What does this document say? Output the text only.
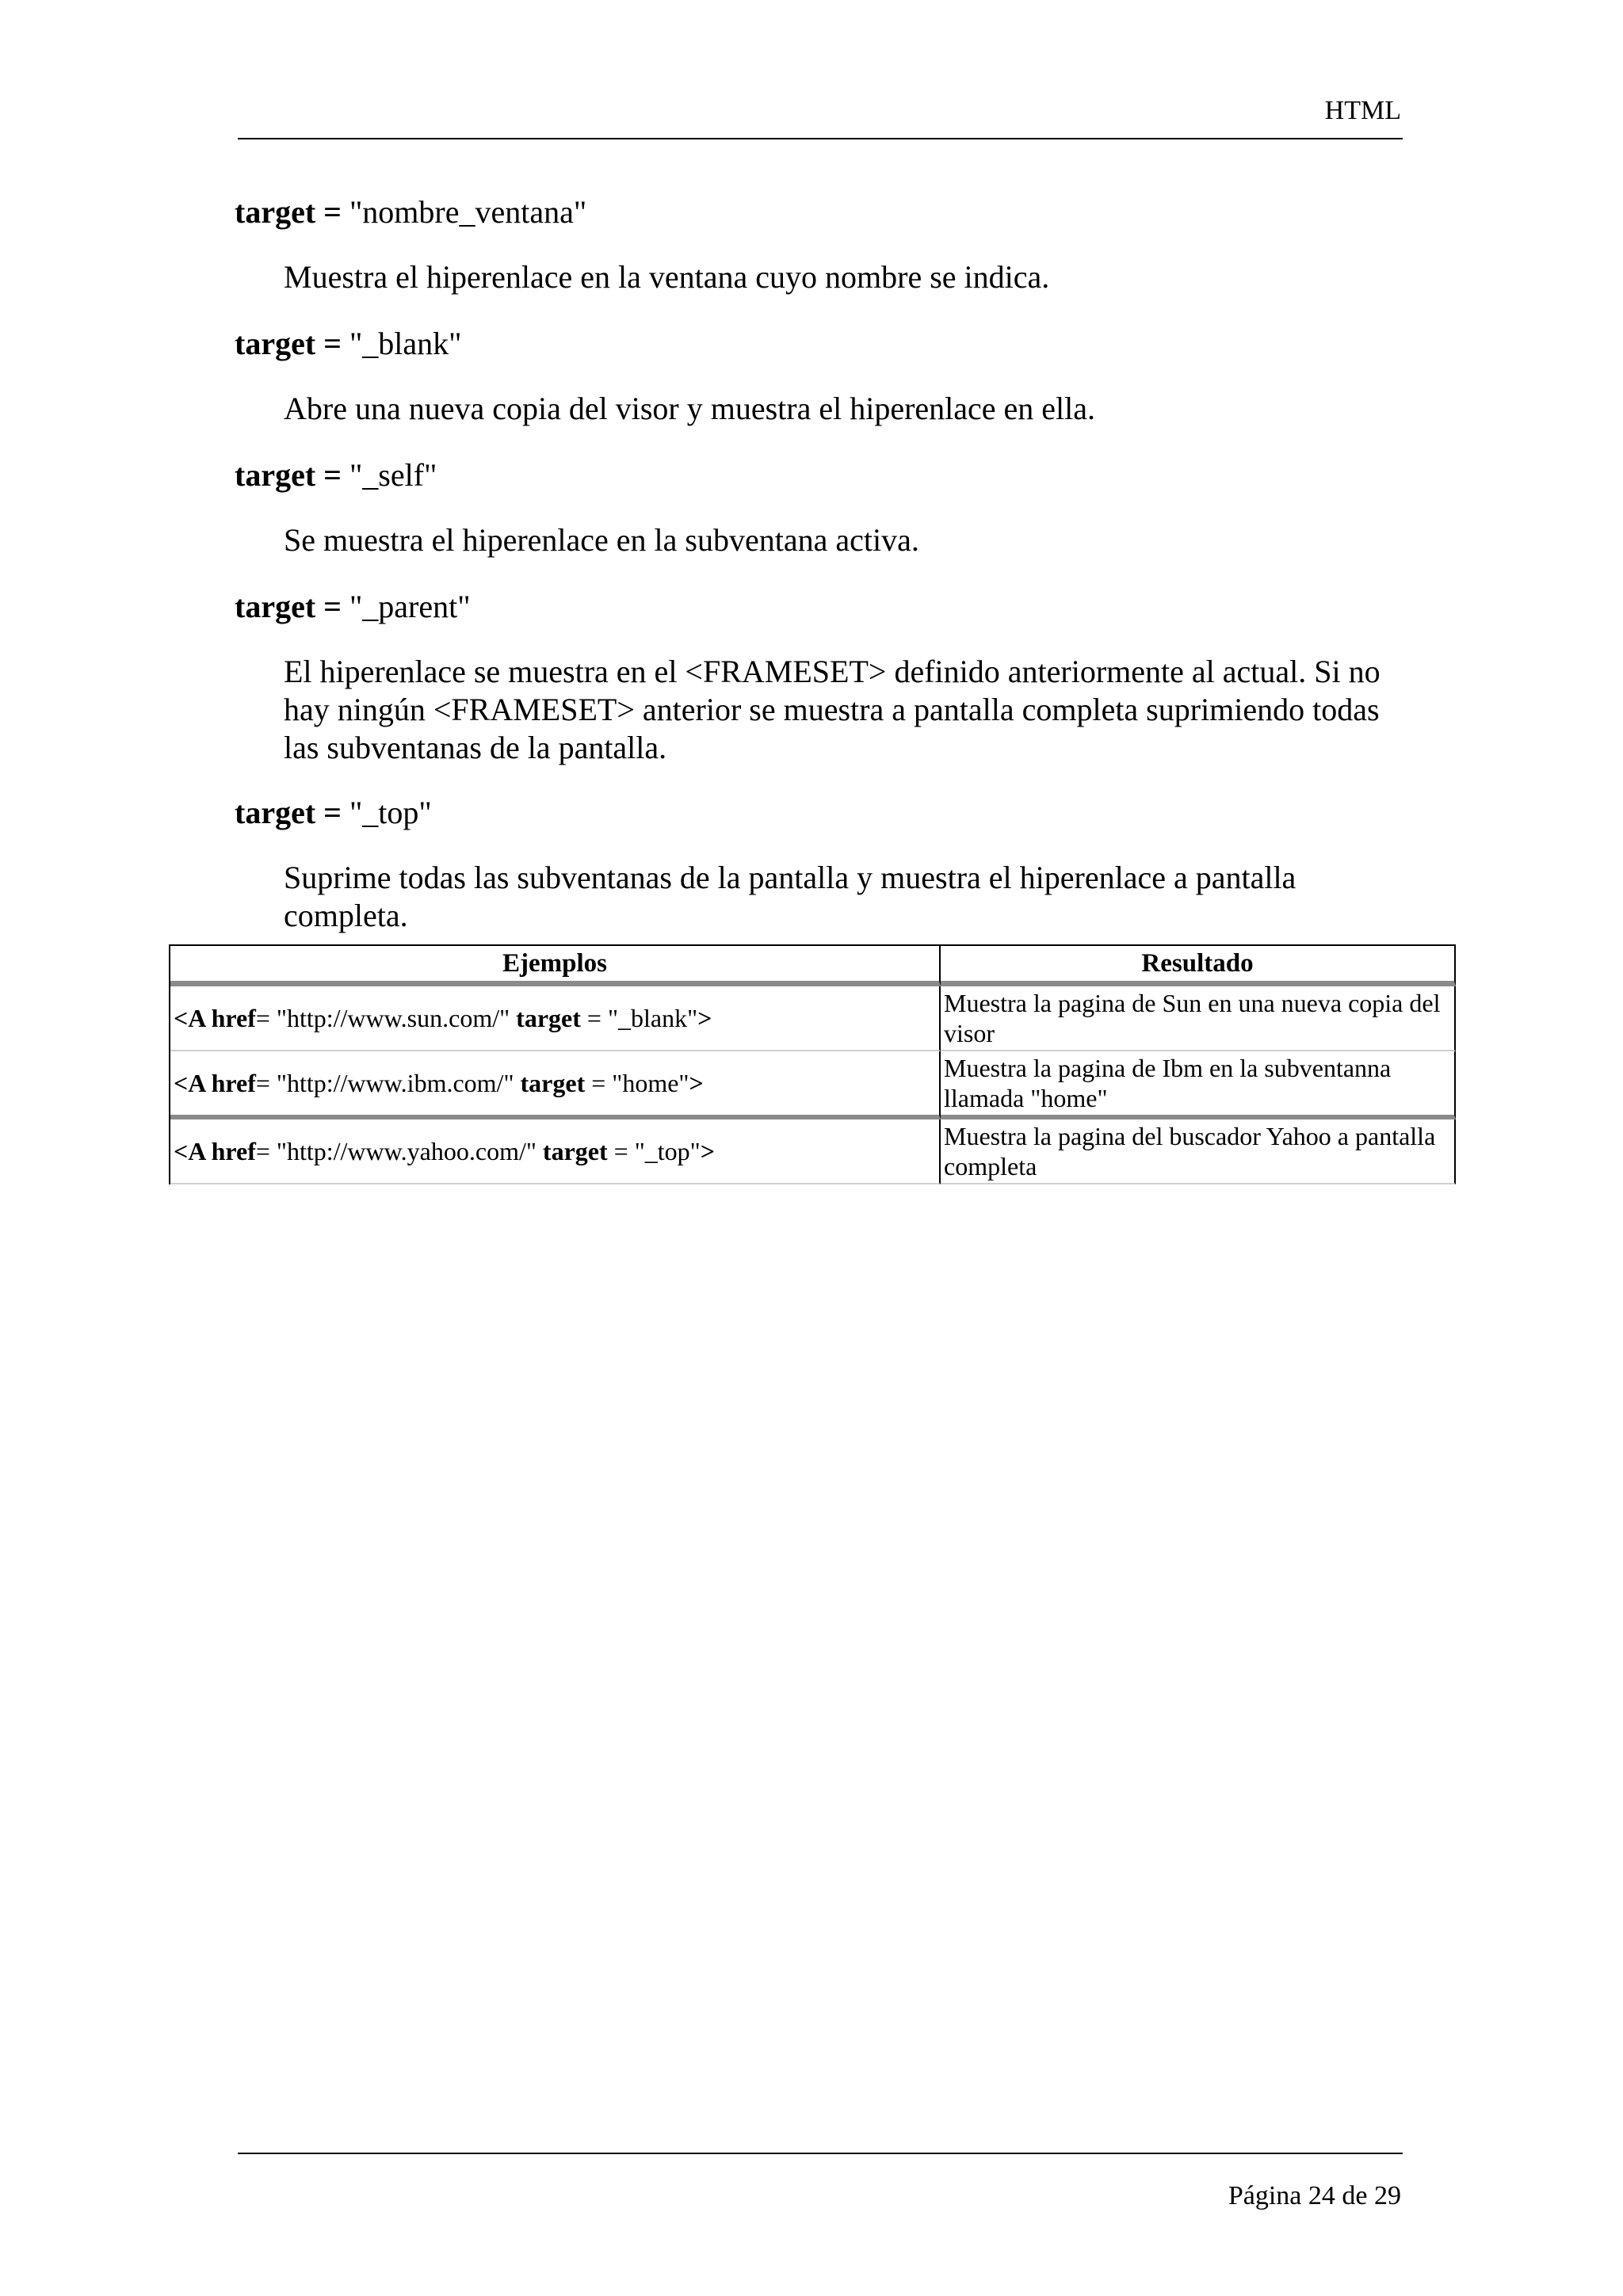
HTML
target = "nombre_ventana"
Muestra el hiperenlace en la ventana cuyo nombre se indica.
target = "_blank"
Abre una nueva copia del visor y muestra el hiperenlace en ella.
target = "_self"
Se muestra el hiperenlace en la subventana activa.
target = "_parent"
El hiperenlace se muestra en el <FRAMESET> definido anteriormente al actual. Si no hay ningún <FRAMESET> anterior se muestra a pantalla completa suprimiendo todas las subventanas de la pantalla.
target = "_top"
Suprime todas las subventanas de la pantalla y muestra el hiperenlace a pantalla completa.
Ejemplos	Resultado
<A href= "http://www.sun.com/" target = "_blank">	Muestra la pagina de Sun en una nueva copia del visor
<A href= "http://www.ibm.com/" target = "home">	Muestra la pagina de Ibm en la subventanna llamada "home"
<A href= "http://www.yahoo.com/" target = "_top">	Muestra la pagina del buscador Yahoo a pantalla completa
Página 24 de 29
